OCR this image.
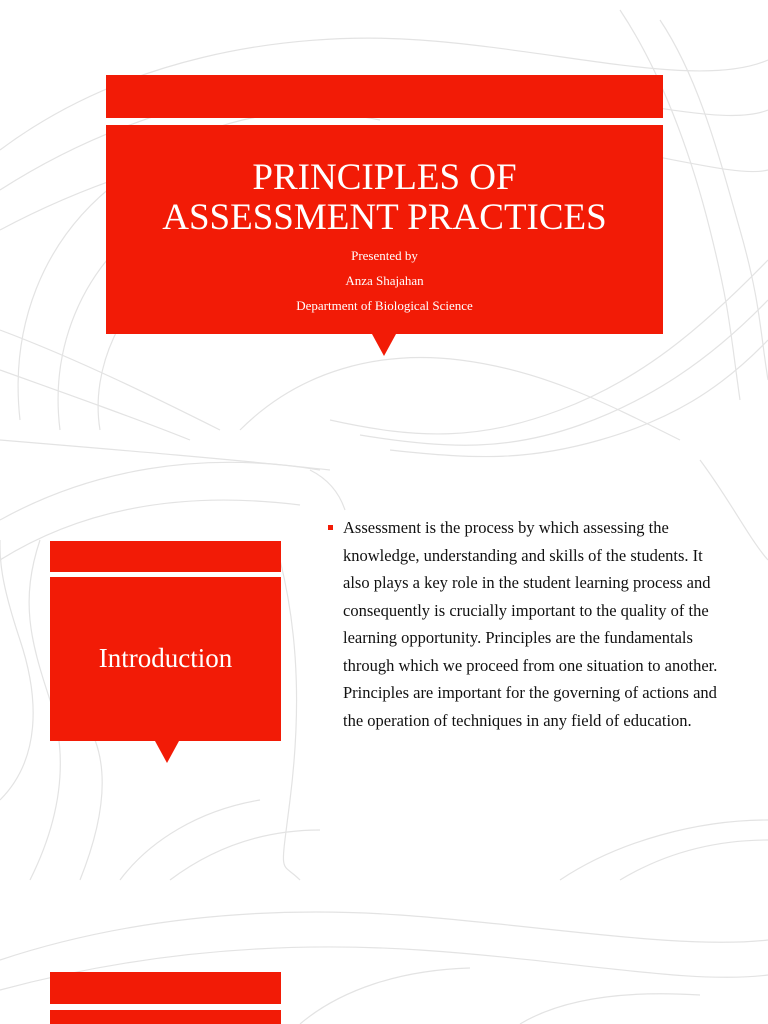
PRINCIPLES OF
ASSESSMENT PRACTICES
Presented by
Anza Shajahan
Department of Biological Science
Introduction
Assessment is the process by which assessing the knowledge, understanding and skills of the students. It also plays a key role in the student learning process and consequently is crucially important to the quality of the learning opportunity. Principles are the fundamentals through which we proceed from one situation to another. Principles are important for the governing of actions and the operation of techniques in any field of education.
